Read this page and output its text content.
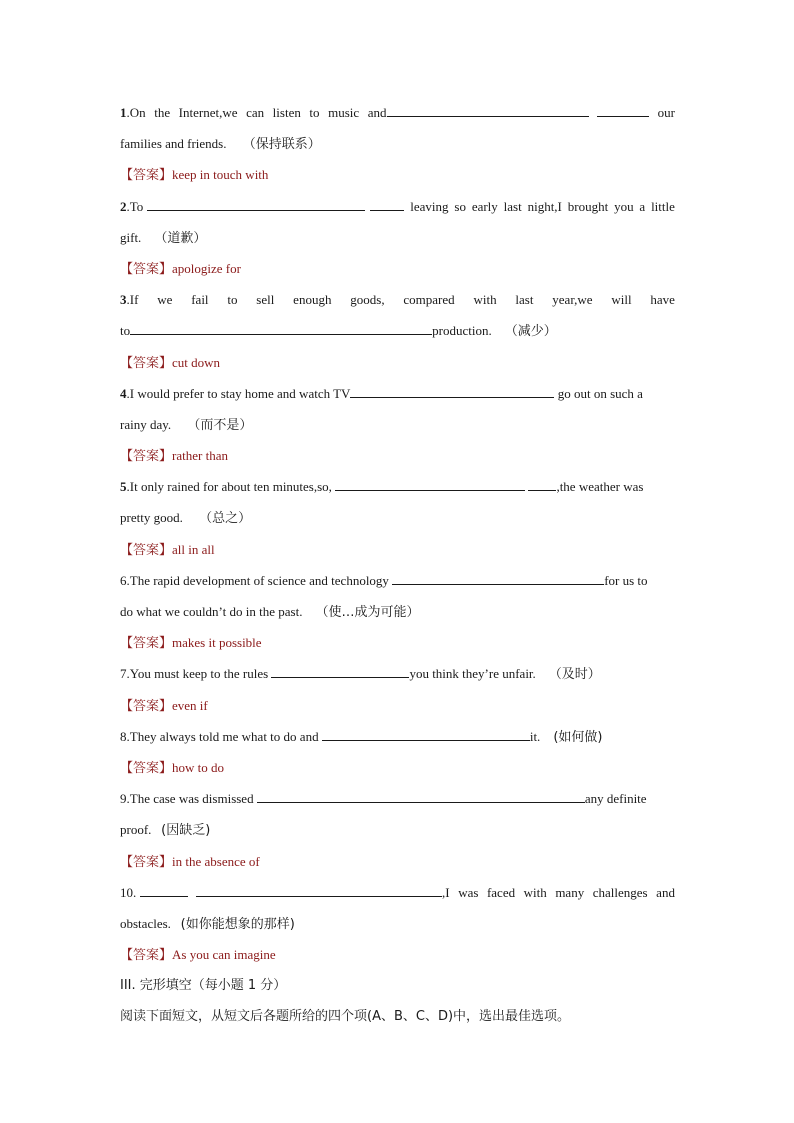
1.On the Internet,we can listen to music and	our
families and friends. （保持联系）
【答案】keep in touch with
2.To	leaving so early last night,I brought you a little
gift. （道歉）
【答案】apologize for
3.If we fail to sell enough goods, compared with last year,we will have
to	production. （减少）
【答案】cut down
4.I would prefer to stay home and watch TV	go out on such a
rainy day. （而不是）
【答案】rather than
5.It only rained for about ten minutes,so,	,the weather was
pretty good. （总之）
【答案】all in all
6.The rapid development of science and technology	for us to
do what we couldn’t do in the past. （使…成为可能）
【答案】makes it possible
7.You must keep to the rules	you think they’re unfair. （及时）
【答案】even if
8.They always told me what to do and	it. (如何做)
【答案】how to do
9.The case was dismissed	any definite
proof. (因缺乏)
【答案】in the absence of
10.	,I was faced with many challenges and
obstacles. (如你能想象的那样)
【答案】As you can imagine
III. 完形填空（每小题 1 分）
阅读下面短文，从短文后各题所给的四个项(A、B、C、D)中，选出最佳选项。
